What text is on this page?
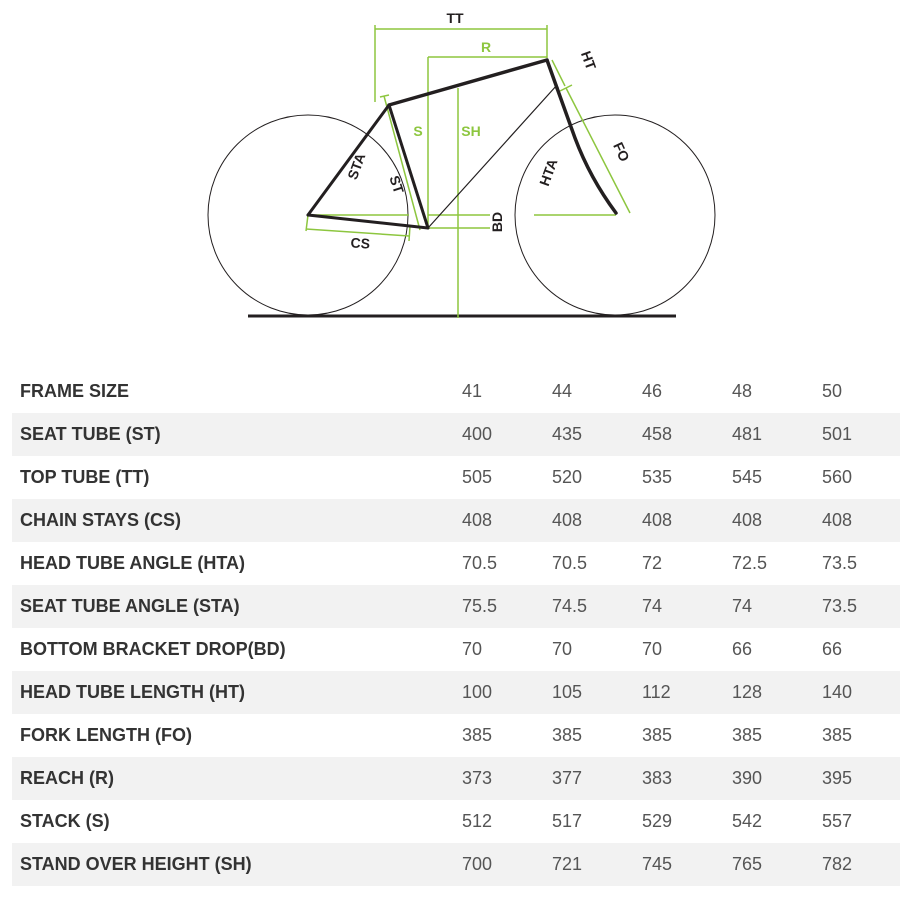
TT
R
HT
S	SH
STA
ST	HTA
FO
CS
BD
FRAME SIZE	41	44	46	48	50
SEAT TUBE (ST)	400	435	458	481	501
TOP TUBE (TT)	505	520	535	545	560
CHAIN STAYS (CS)	408	408	408	408	408
HEAD TUBE ANGLE (HTA)	70.5	70.5	72	72.5	73.5
SEAT TUBE ANGLE (STA)	75.5	74.5	74	74	73.5
BOTTOM BRACKET DROP(BD)	70	70	70	66	66
HEAD TUBE LENGTH (HT)	100	105	112	128	140
FORK LENGTH (FO)	385	385	385	385	385
REACH (R)	373	377	383	390	395
STACK (S)	512	517	529	542	557
STAND OVER HEIGHT (SH)	700	721	745	765	782
